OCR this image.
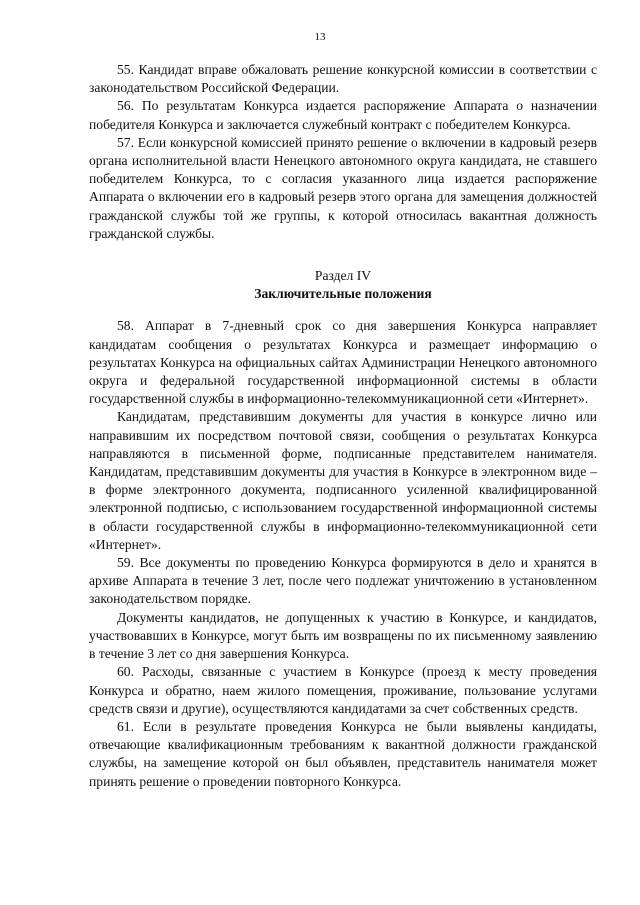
13

55. Кандидат вправе обжаловать решение конкурсной комиссии в соответствии с законодательством Российской Федерации.

56. По результатам Конкурса издается распоряжение Аппарата о назначении победителя Конкурса и заключается служебный контракт с победителем Конкурса.

57. Если конкурсной комиссией принято решение о включении в кадровый резерв органа исполнительной власти Ненецкого автономного округа кандидата, не ставшего победителем Конкурса, то с согласия указанного лица издается распоряжение Аппарата о включении его в кадровый резерв этого органа для замещения должностей гражданской службы той же группы, к которой относилась вакантная должность гражданской службы.

Раздел IV

Заключительные положения

58. Аппарат в 7-дневный срок со дня завершения Конкурса направляет кандидатам сообщения о результатах Конкурса и размещает информацию о результатах Конкурса на официальных сайтах Администрации Ненецкого автономного округа и федеральной государственной информационной системы в области государственной службы в информационно-телекоммуникационной сети «Интернет».

Кандидатам, представившим документы для участия в конкурсе лично или направившим их посредством почтовой связи, сообщения о результатах Конкурса направляются в письменной форме, подписанные представителем нанимателя. Кандидатам, представившим документы для участия в Конкурсе в электронном виде – в форме электронного документа, подписанного усиленной квалифицированной электронной подписью, с использованием государственной информационной системы в области государственной службы в информационно-телекоммуникационной сети «Интернет».

59. Все документы по проведению Конкурса формируются в дело и хранятся в архиве Аппарата в течение 3 лет, после чего подлежат уничтожению в установленном законодательством порядке.

Документы кандидатов, не допущенных к участию в Конкурсе, и кандидатов, участвовавших в Конкурсе, могут быть им возвращены по их письменному заявлению в течение 3 лет со дня завершения Конкурса.

60. Расходы, связанные с участием в Конкурсе (проезд к месту проведения Конкурса и обратно, наем жилого помещения, проживание, пользование услугами средств связи и другие), осуществляются кандидатами за счет собственных средств.

61. Если в результате проведения Конкурса не были выявлены кандидаты, отвечающие квалификационным требованиям к вакантной должности гражданской службы, на замещение которой он был объявлен, представитель нанимателя может принять решение о проведении повторного Конкурса.
